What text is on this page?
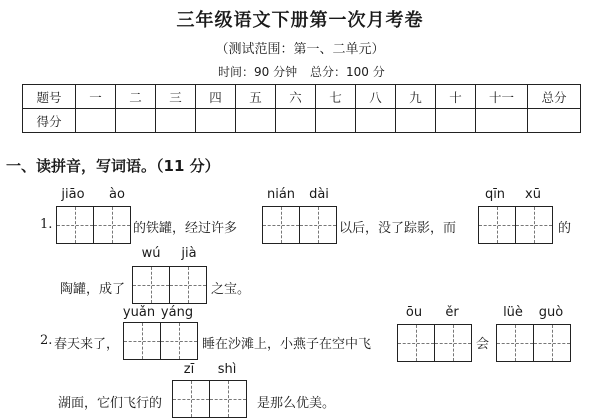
三年级语文下册第一次月考卷
（测试范围：第一、二单元）
时间：90 分钟 总分：100 分
题号	一	二	三	四	五	六	七	八	九	十	十一	总分
得分												
一、读拼音，写词语。（11 分）
1.
jiāo	ào
的铁罐，经过许多
nián	dài
以后，没了踪影，而
qīn	xū
的
陶罐，成了
wú	jià
之宝。
2. 春天来了，
yuǎn yáng
睡在沙滩上，小燕子在空中飞
ōu	ěr
会
lüè	guò
湖面，它们飞行的
zī	shì
是那么优美。
